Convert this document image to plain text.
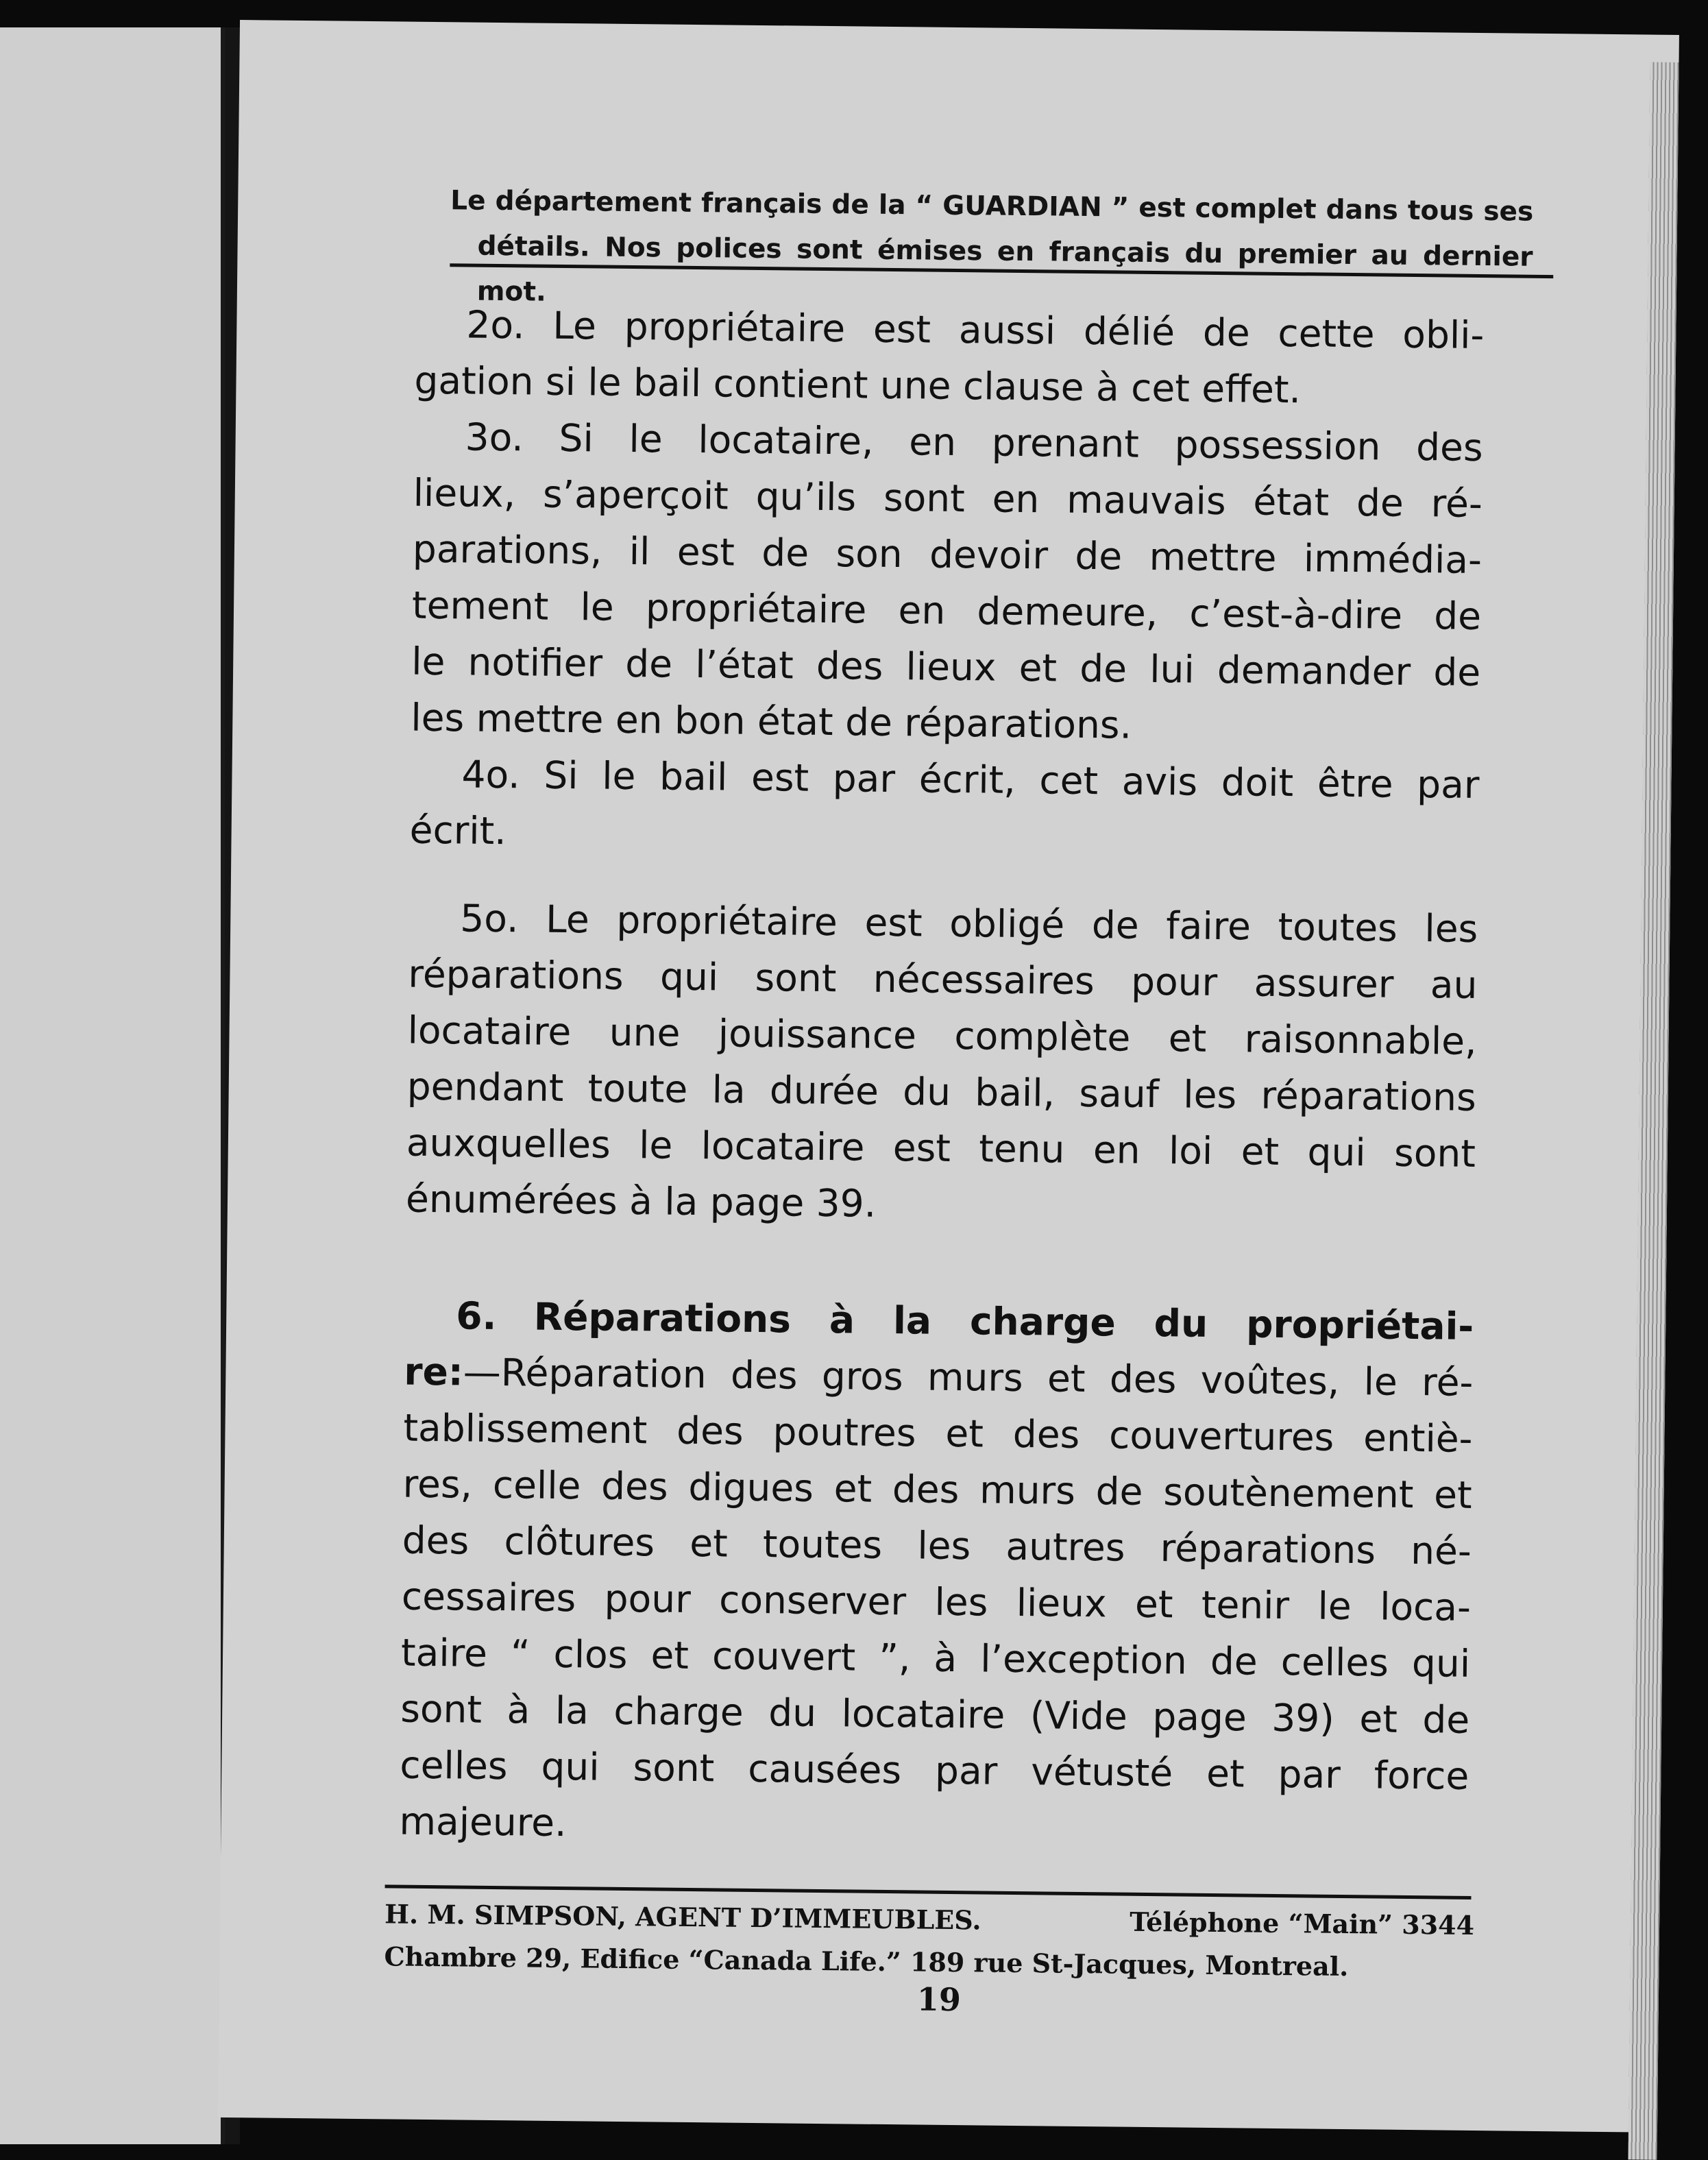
Le département français de la “ GUARDIAN ” est complet dans tous ses
détails. Nos polices sont émises en français du premier au dernier mot.

2o. Le propriétaire est aussi délié de cette obli-
gation si le bail contient une clause à cet effet.

3o. Si le locataire, en prenant possession des
lieux, s’aperçoit qu’ils sont en mauvais état de ré-
parations, il est de son devoir de mettre immédia-
tement le propriétaire en demeure, c’est-à-dire de
le notifier de l’état des lieux et de lui demander de
les mettre en bon état de réparations.

4o. Si le bail est par écrit, cet avis doit être par
écrit.

5o. Le propriétaire est obligé de faire toutes les
réparations qui sont nécessaires pour assurer au
locataire une jouissance complète et raisonnable,
pendant toute la durée du bail, sauf les réparations
auxquelles le locataire est tenu en loi et qui sont
énumérées à la page 39.

6. Réparations à la charge du propriétai-
re:—Réparation des gros murs et des voûtes, le ré-
tablissement des poutres et des couvertures entiè-
res, celle des digues et des murs de soutènement et
des clôtures et toutes les autres réparations né-
cessaires pour conserver les lieux et tenir le loca-
taire “ clos et couvert ”, à l’exception de celles qui
sont à la charge du locataire (Vide page 39) et de
celles qui sont causées par vétusté et par force
majeure.

H. M. SIMPSON, AGENT D’IMMEUBLES.	Téléphone “Main” 3344
Chambre 29, Edifice “Canada Life.” 189 rue St-Jacques, Montreal.
19
